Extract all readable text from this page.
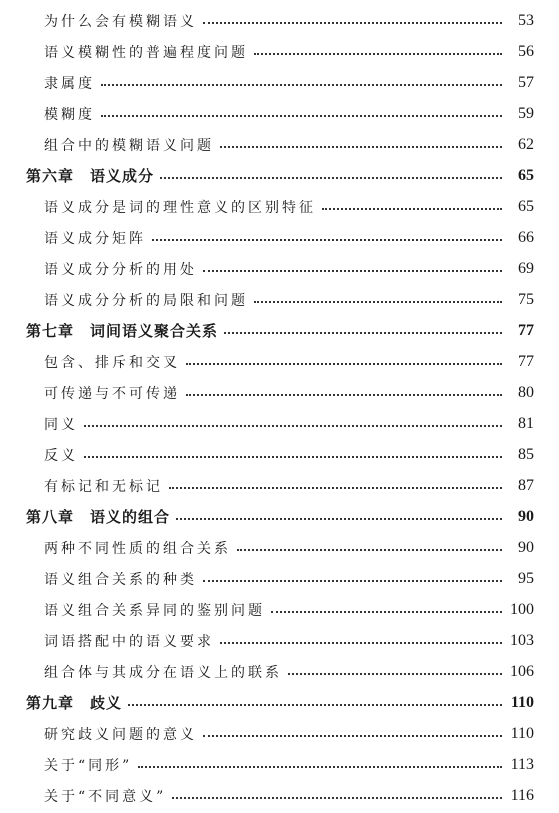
为什么会有模糊语义	53
语义模糊性的普遍程度问题	56
隶属度	57
模糊度	59
组合中的模糊语义问题	62
第六章 语义成分	65
语义成分是词的理性意义的区别特征	65
语义成分矩阵	66
语义成分分析的用处	69
语义成分分析的局限和问题	75
第七章 词间语义聚合关系	77
包含、排斥和交叉	77
可传递与不可传递	80
同义	81
反义	85
有标记和无标记	87
第八章 语义的组合	90
两种不同性质的组合关系	90
语义组合关系的种类	95
语义组合关系异同的鉴别问题	100
词语搭配中的语义要求	103
组合体与其成分在语义上的联系	106
第九章 歧义	110
研究歧义问题的意义	110
关于“同形”	113
关于“不同意义”	116
